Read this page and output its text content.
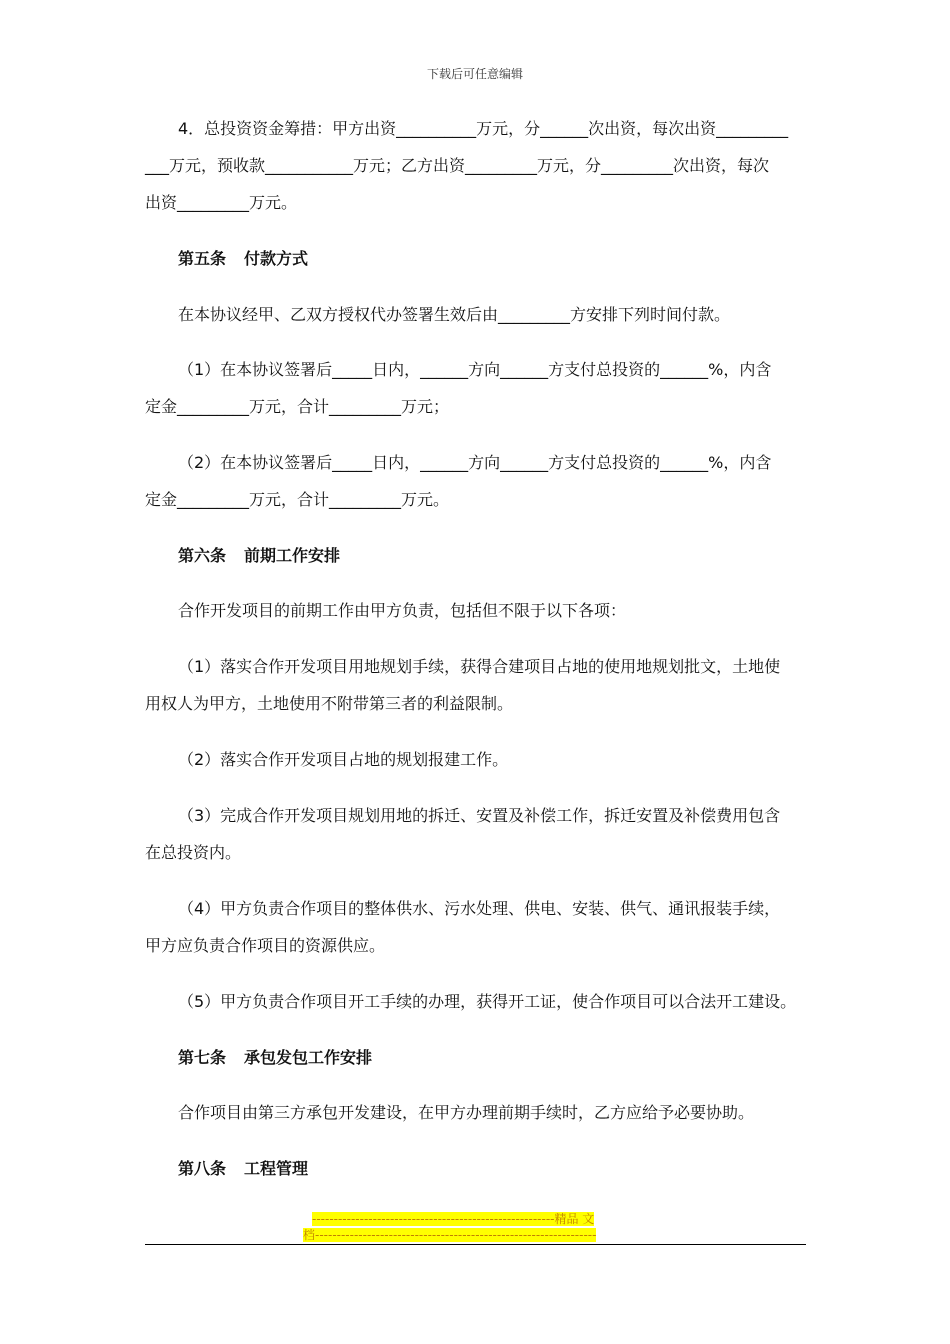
下载后可任意编辑
4．总投资资金筹措：甲方出资__________万元，分______次出资，每次出资_________
___万元，预收款___________万元；乙方出资_________万元，分_________次出资，每次
出资_________万元。
第五条 付款方式
在本协议经甲、乙双方授权代办签署生效后由_________方安排下列时间付款。
（1）在本协议签署后_____日内，______方向______方支付总投资的______%，内含
定金_________万元，合计_________万元；
（2）在本协议签署后_____日内，______方向______方支付总投资的______%，内含
定金_________万元，合计_________万元。
第六条 前期工作安排
合作开发项目的前期工作由甲方负责，包括但不限于以下各项：
（1）落实合作开发项目用地规划手续，获得合建项目占地的使用地规划批文，土地使
用权人为甲方，土地使用不附带第三者的利益限制。
（2）落实合作开发项目占地的规划报建工作。
（3）完成合作开发项目规划用地的拆迁、安置及补偿工作，拆迁安置及补偿费用包含
在总投资内。
（4）甲方负责合作项目的整体供水、污水处理、供电、安装、供气、通讯报装手续，
甲方应负责合作项目的资源供应。
（5）甲方负责合作项目开工手续的办理，获得开工证，使合作项目可以合法开工建设。
第七条 承包发包工作安排
合作项目由第三方承包开发建设，在甲方办理前期手续时，乙方应给予必要协助。
第八条 工程管理
--------------------------------------------------------精品 文
档-----------------------------------------------------------------
